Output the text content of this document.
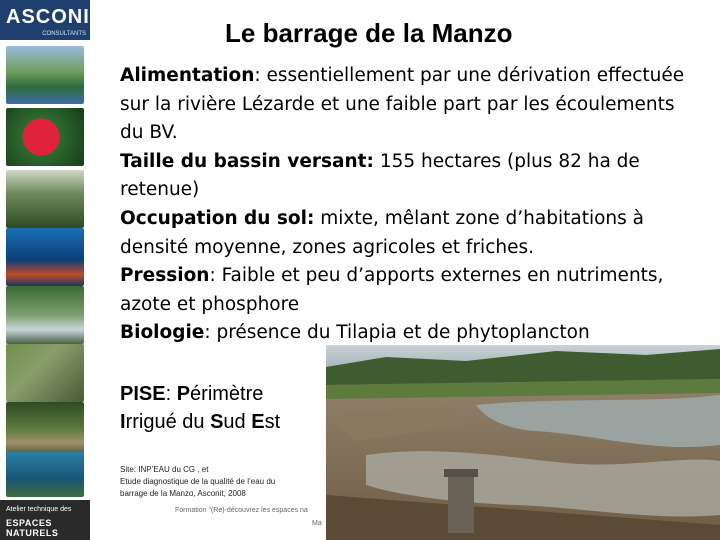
ASCONIT
CONSULTANTS
Atelier technique des
ESPACES NATURELS
Le barrage de la Manzo

Alimentation: essentiellement par une dérivation effectuée sur la rivière Lézarde et une faible part par les écoulements du BV.

Taille du bassin versant: 155 hectares (plus 82 ha de retenue)

Occupation du sol: mixte, mêlant zone d’habitations à densité moyenne, zones agricoles et friches.

Pression: Faible et peu d’apports externes en nutriments, azote et phosphore

Biologie: présence du Tilapia et de phytoplancton

PISE: Périmètre
Irrigué du Sud Est
Site: INP’EAU du CG , et
Etude diagnostique de la qualité de l’eau du
barrage de la Manzo, Asconit, 2008
Formation "(Re)-découvrez les espaces na
Ma
